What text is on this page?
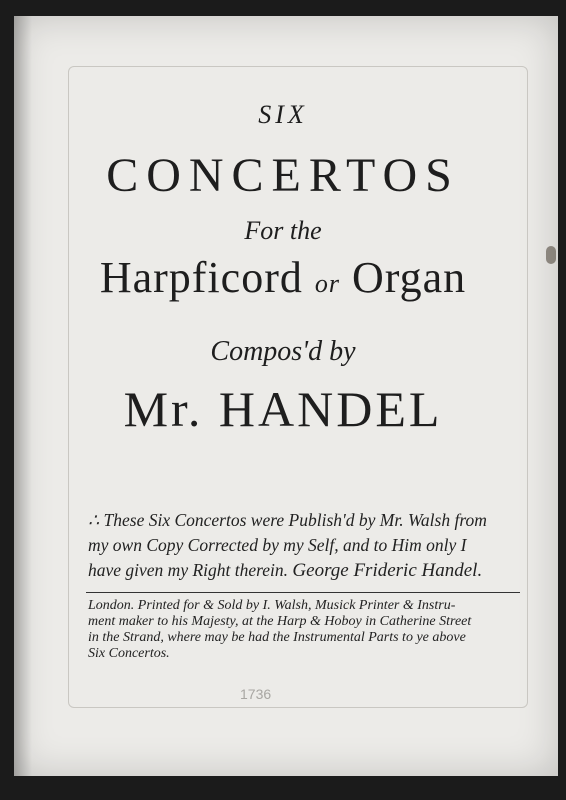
SIX
CONCERTOS
For the
Harpficord or Organ
Compos'd by
Mr. HANDEL

∴ These Six Concertos were Publish'd by Mr. Walsh from

my own Copy Corrected by my Self, and to Him only I

have given my Right therein. George Frideric Handel.

London. Printed for & Sold by I. Walsh, Musick Printer & Instru-

ment maker to his Majesty, at the Harp & Hoboy in Catherine Street

in the Strand, where may be had the Instrumental Parts to ye above

Six Concertos.

1736
